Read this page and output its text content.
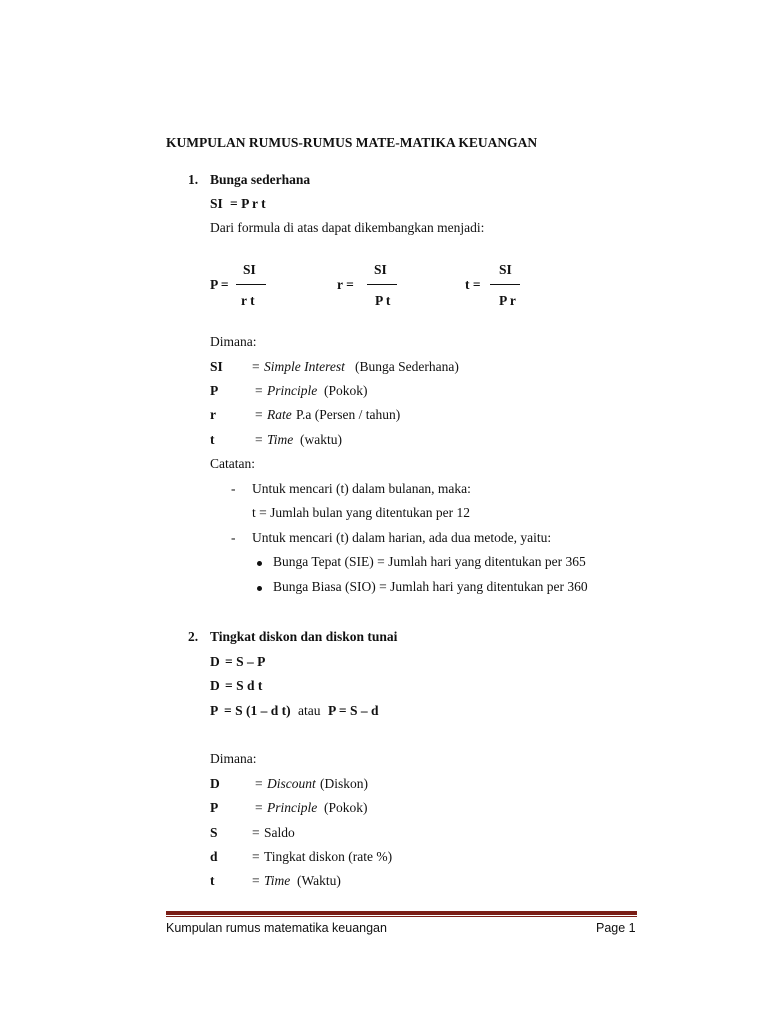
KUMPULAN RUMUS-RUMUS MATE-MATIKA KEUANGAN
1. Bunga sederhana
SI = P r t
Dari formula di atas dapat dikembangkan menjadi:
P =
SI
r t
r =
SI
P t
t =
SI
P r
Dimana:
SI = Simple Interest (Bunga Sederhana)
P	= Principle (Pokok)
r	= Rate P.a (Persen / tahun)
t	= Time (waktu)
Catatan:
- Untuk mencari (t) dalam bulanan, maka:
t = Jumlah bulan yang ditentukan per 12
- Untuk mencari (t) dalam harian, ada dua metode, yaitu:
Bunga Tepat (SIE) = Jumlah hari yang ditentukan per 365
Bunga Biasa (SIO) = Jumlah hari yang ditentukan per 360
2. Tingkat diskon dan diskon tunai
D = S – P
D = S d t
P = S (1 – d t) atau P = S – d
Dimana:
D	= Discount (Diskon)
P	= Principle (Pokok)
S	= Saldo
d	= Tingkat diskon (rate %)
t	= Time (Waktu)
Kumpulan rumus matematika keuangan	Page 1
